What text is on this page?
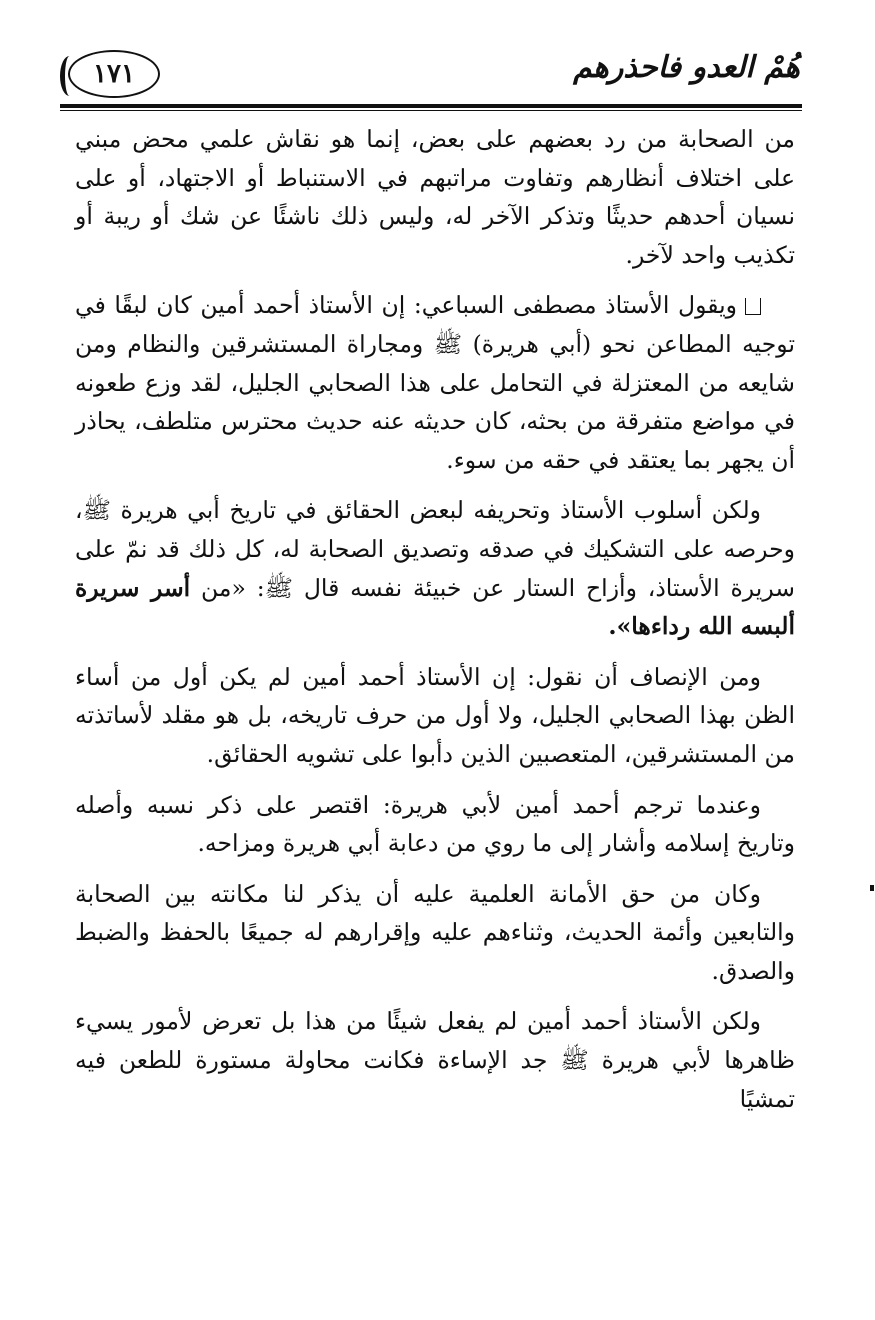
هُمْ العدو فاحذرهم
١٧١

من الصحابة من رد بعضهم على بعض، إنما هو نقاش علمي محض مبني على اختلاف أنظارهم وتفاوت مراتبهم في الاستنباط أو الاجتهاد، أو على نسيان أحدهم حديثًا وتذكر الآخر له، وليس ذلك ناشئًا عن شك أو ريبة أو تكذيب واحد لآخر.

ويقول الأستاذ مصطفى السباعي: إن الأستاذ أحمد أمين كان لبقًا في توجيه المطاعن نحو (أبي هريرة) ﷺ ومجاراة المستشرقين والنظام ومن شايعه من المعتزلة في التحامل على هذا الصحابي الجليل، لقد وزع طعونه في مواضع متفرقة من بحثه، كان حديثه عنه حديث محترس متلطف، يحاذر أن يجهر بما يعتقد في حقه من سوء.

ولكن أسلوب الأستاذ وتحريفه لبعض الحقائق في تاريخ أبي هريرة ﷺ، وحرصه على التشكيك في صدقه وتصديق الصحابة له، كل ذلك قد نمّ على سريرة الأستاذ، وأزاح الستار عن خبيئة نفسه قال ﷺ: «من أسر سريرة ألبسه الله رداءها».

ومن الإنصاف أن نقول: إن الأستاذ أحمد أمين لم يكن أول من أساء الظن بهذا الصحابي الجليل، ولا أول من حرف تاريخه، بل هو مقلد لأساتذته من المستشرقين، المتعصبين الذين دأبوا على تشويه الحقائق.

وعندما ترجم أحمد أمين لأبي هريرة: اقتصر على ذكر نسبه وأصله وتاريخ إسلامه وأشار إلى ما روي من دعابة أبي هريرة ومزاحه.

وكان من حق الأمانة العلمية عليه أن يذكر لنا مكانته بين الصحابة والتابعين وأئمة الحديث، وثناءهم عليه وإقرارهم له جميعًا بالحفظ والضبط والصدق.

ولكن الأستاذ أحمد أمين لم يفعل شيئًا من هذا بل تعرض لأمور يسيء ظاهرها لأبي هريرة ﷺ جد الإساءة فكانت محاولة مستورة للطعن فيه تمشيًا
